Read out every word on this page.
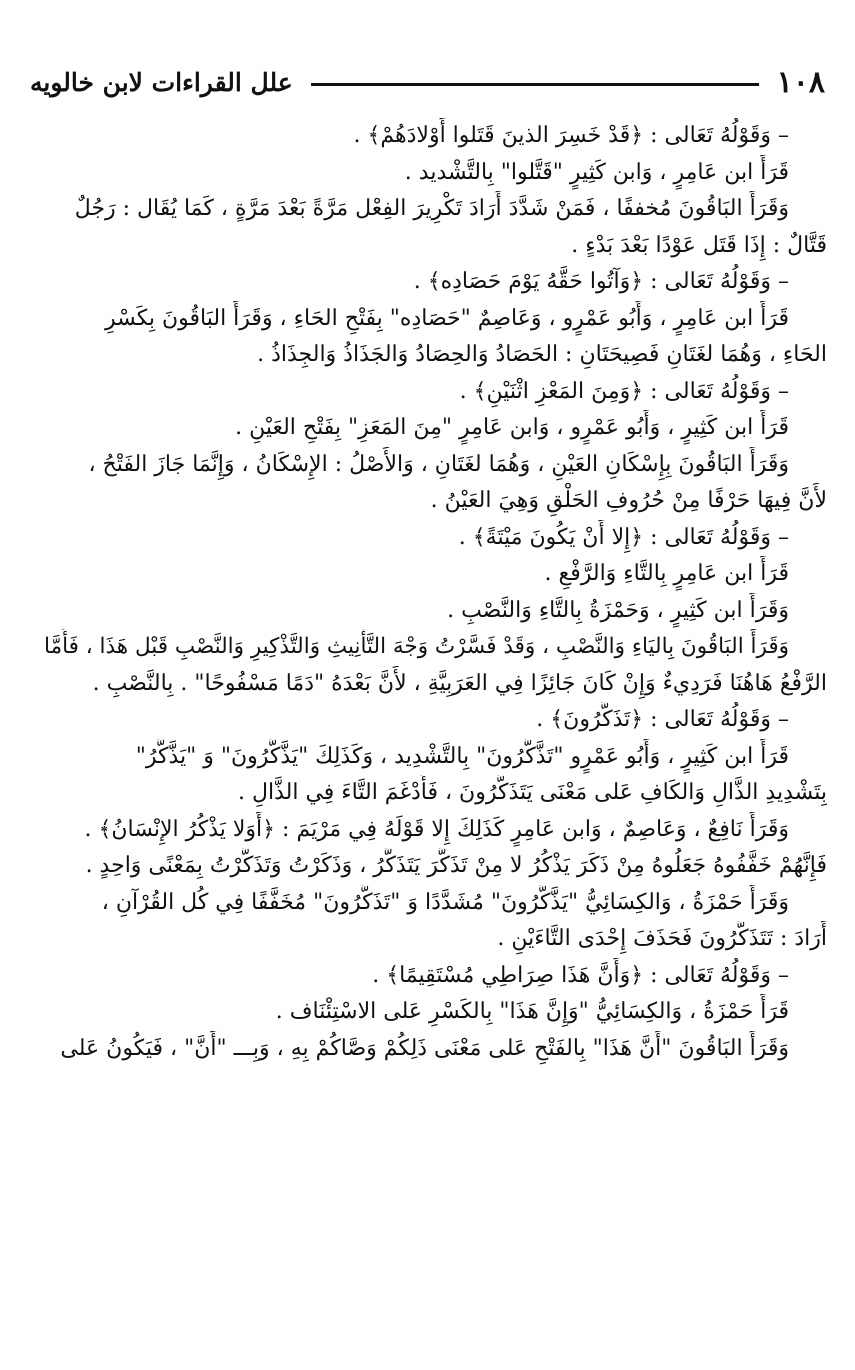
١٠٨
علل القراءات لابن خالويه
– وَقَوْلُهُ تَعَالى : ﴿قَدْ خَسِرَ الذينَ قَتَلوا أَوْلادَهُمْ﴾ .
قَرَأَ ابن عَامِرٍ ، وَابن كَثِيرٍ "قَتَّلوا" بِالتَّشْديد .
وَقَرَأَ البَاقُونَ مُخففًا ، فَمَنْ شَدَّدَ أَرَادَ تَكْرِيرَ الفِعْل مَرَّةً بَعْدَ مَرَّةٍ ، كَمَا يُقَال : رَجُلٌ
قَتَّالٌ : إِذَا قَتَل عَوْدًا بَعْدَ بَدْءٍ .
– وَقَوْلُهُ تَعَالى : ﴿وَآتُوا حَقَّهُ يَوْمَ حَصَادِه﴾ .
قَرَأَ ابن عَامِرٍ ، وَأَبُو عَمْرٍو ، وَعَاصِمٌ "حَصَادِه" بِفَتْحِ الحَاءِ ، وَقَرَأَ البَاقُونَ بِكَسْرِ
الحَاءِ ، وَهُمَا لغَتَانِ فَصِيحَتَانِ : الحَصَادُ وَالحِصَادُ وَالجَذَاذُ وَالجِذَاذُ .
– وَقَوْلُهُ تَعَالى : ﴿وَمِنَ المَعْزِ اثْنَيْنِ﴾ .
قَرَأَ ابن كَثِيرٍ ، وَأَبُو عَمْرٍو ، وَابن عَامِرٍ "مِنَ المَعَزِ" بِفَتْحِ العَيْنِ .
وَقَرَأَ البَاقُونَ بِإِسْكَانِ العَيْنِ ، وَهُمَا لغَتَانِ ، وَالأَصْلُ : الإِسْكَانُ ، وَإِنَّمَا جَازَ الفَتْحُ ،
لأَنَّ فِيهَا حَرْفًا مِنْ حُرُوفِ الحَلْقِ وَهِيَ العَيْنُ .
– وَقَوْلُهُ تَعَالى : ﴿إِلا أَنْ يَكُونَ مَيْتَةً﴾ .
قَرَأَ ابن عَامِرٍ بِالتَّاءِ وَالرَّفْعِ .
وَقَرَأَ ابن كَثِيرٍ ، وَحَمْزَةُ بِالتَّاءِ وَالنَّصْبِ .
وَقَرَأَ البَاقُونَ بِاليَاءِ وَالنَّصْبِ ، وَقَدْ فَسَّرْتُ وَجْهَ التَّأْنِيثِ وَالتَّذْكِيرِ وَالنَّصْبِ قَبْل هَذَا ، فَأَمَّا
الرَّفْعُ هَاهُنَا فَرَدِيءٌ وَإِنْ كَانَ جَائِزًا فِي العَرَبِيَّةِ ، لأَنَّ بَعْدَهُ "دَمًا مَسْفُوحًا" . بِالنَّصْبِ .
– وَقَوْلُهُ تَعَالى : ﴿تَذَكَّرُونَ﴾ .
قَرَأَ ابن كَثِيرٍ ، وَأَبُو عَمْرٍو "تَذَّكَّرُونَ" بِالتَّشْدِيد ، وَكَذَلِكَ "يَذَّكَّرُونَ" وَ "يَذَّكَّرُ"
بِتَشْدِيدِ الذَّالِ وَالكَافِ عَلى مَعْنَى يَتَذَكَّرُونَ ، فَأَدْغَمَ التَّاءَ فِي الذَّالِ .
وَقَرَأَ نَافِعٌ ، وَعَاصِمٌ ، وَابن عَامِرٍ كَذَلِكَ إِلا قَوْلَهُ فِي مَرْيَمَ : ﴿أَوَلا يَذْكُرُ الإِنْسَانُ﴾ .
فَإِنَّهُمْ خَفَّفُوهُ جَعَلُوهُ مِنْ ذَكَرَ يَذْكُرُ لا مِنْ تَذَكَّرَ يَتَذَكَّرُ ، وَذَكَرْتُ وَتَذَكَّرْتُ بِمَعْنًى وَاحِدٍ .
وَقَرَأَ حَمْزَةُ ، وَالكِسَائِيُّ "يَذَّكَّرُونَ" مُشَدَّدًا وَ "تَذَكَّرُونَ" مُخَفَّفًا فِي كُل القُرْآنِ ،
أَرَادَ : تَتَذَكَّرُونَ فَحَذَفَ إِحْدَى التَّاءَيْنِ .
– وَقَوْلُهُ تَعَالى : ﴿وَأَنَّ هَذَا صِرَاطِي مُسْتَقِيمًا﴾ .
قَرَأَ حَمْزَةُ ، وَالكِسَائِيُّ "وَإِنَّ هَذَا" بِالكَسْرِ عَلى الاسْتِئْنَاف .
وَقَرَأَ البَاقُونَ "أَنَّ هَذَا" بِالفَتْحِ عَلى مَعْنَى ذَلِكُمْ وَصَّاكُمْ بِهِ ، وَبِـــ "أَنَّ" ، فَيَكُونُ عَلى
